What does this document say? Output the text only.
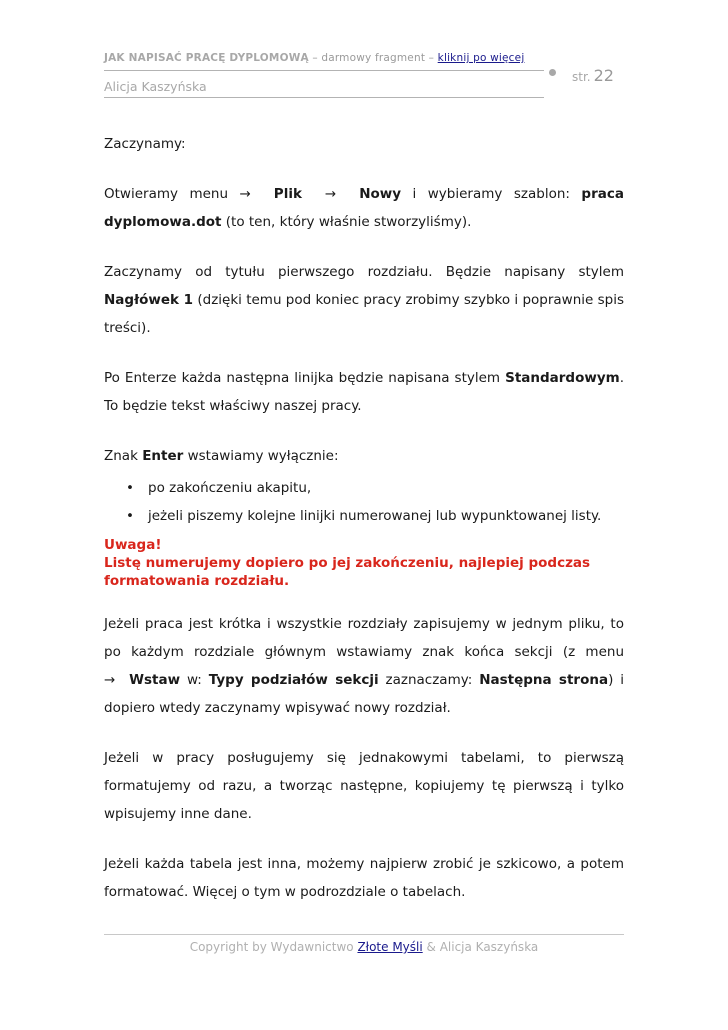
JAK NAPISAĆ PRACĘ DYPLOMOWĄ – darmowy fragment – kliknij po więcej
Alicja Kaszyńska
str. 22

Zaczynamy:

Otwieramy menu → Plik → Nowy i wybieramy szablon: praca dyplomowa.dot (to ten, który właśnie stworzyliśmy).

Zaczynamy od tytułu pierwszego rozdziału. Będzie napisany stylem Nagłówek 1 (dzięki temu pod koniec pracy zrobimy szybko i poprawnie spis treści).

Po Enterze każda następna linijka będzie napisana stylem Standardowym. To będzie tekst właściwy naszej pracy.

Znak Enter wstawiamy wyłącznie:

• po zakończeniu akapitu,
• jeżeli piszemy kolejne linijki numerowanej lub wypunktowanej listy.
Uwaga!
Listę numerujemy dopiero po jej zakończeniu, najlepiej podczas formatowania rozdziału.

Jeżeli praca jest krótka i wszystkie rozdziały zapisujemy w jednym pliku, to po każdym rozdziale głównym wstawiamy znak końca sekcji (z menu → Wstaw w: Typy podziałów sekcji zaznaczamy: Następna strona) i dopiero wtedy zaczynamy wpisywać nowy rozdział.

Jeżeli w pracy posługujemy się jednakowymi tabelami, to pierwszą formatujemy od razu, a tworząc następne, kopiujemy tę pierwszą i tylko wpisujemy inne dane.

Jeżeli każda tabela jest inna, możemy najpierw zrobić je szkicowo, a potem formatować. Więcej o tym w podrozdziale o tabelach.

Copyright by Wydawnictwo Złote Myśli & Alicja Kaszyńska
